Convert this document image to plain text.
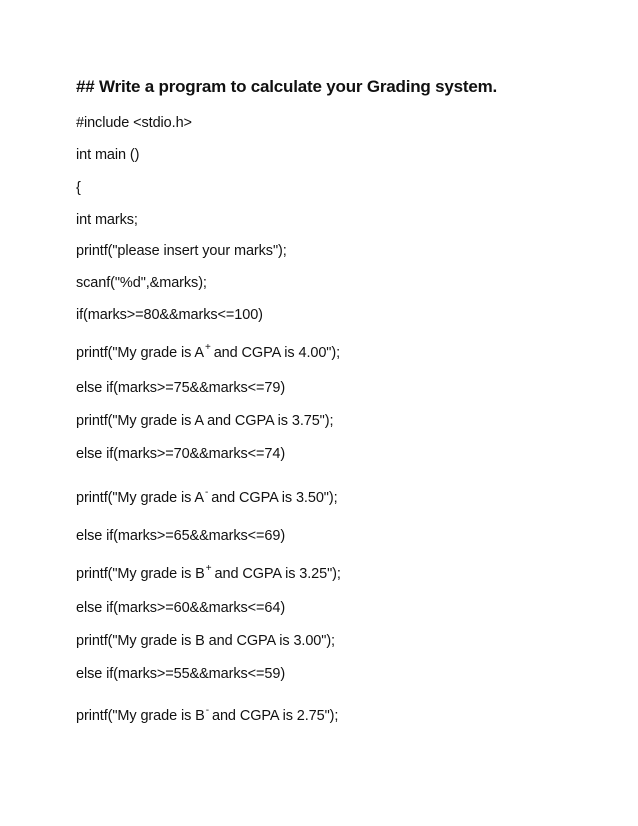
## Write a program to calculate your Grading system.
#include <stdio.h>
int main ()
{
int marks;
printf("please insert your marks");
scanf("%d",&marks);
if(marks>=80&&marks<=100)
printf("My grade is A+ and CGPA is 4.00");
else if(marks>=75&&marks<=79)
printf("My grade is A and CGPA is 3.75");
else if(marks>=70&&marks<=74)
printf("My grade is A- and CGPA is 3.50");
else if(marks>=65&&marks<=69)
printf("My grade is B+ and CGPA is 3.25");
else if(marks>=60&&marks<=64)
printf("My grade is B and CGPA is 3.00");
else if(marks>=55&&marks<=59)
printf("My grade is B- and CGPA is 2.75");
